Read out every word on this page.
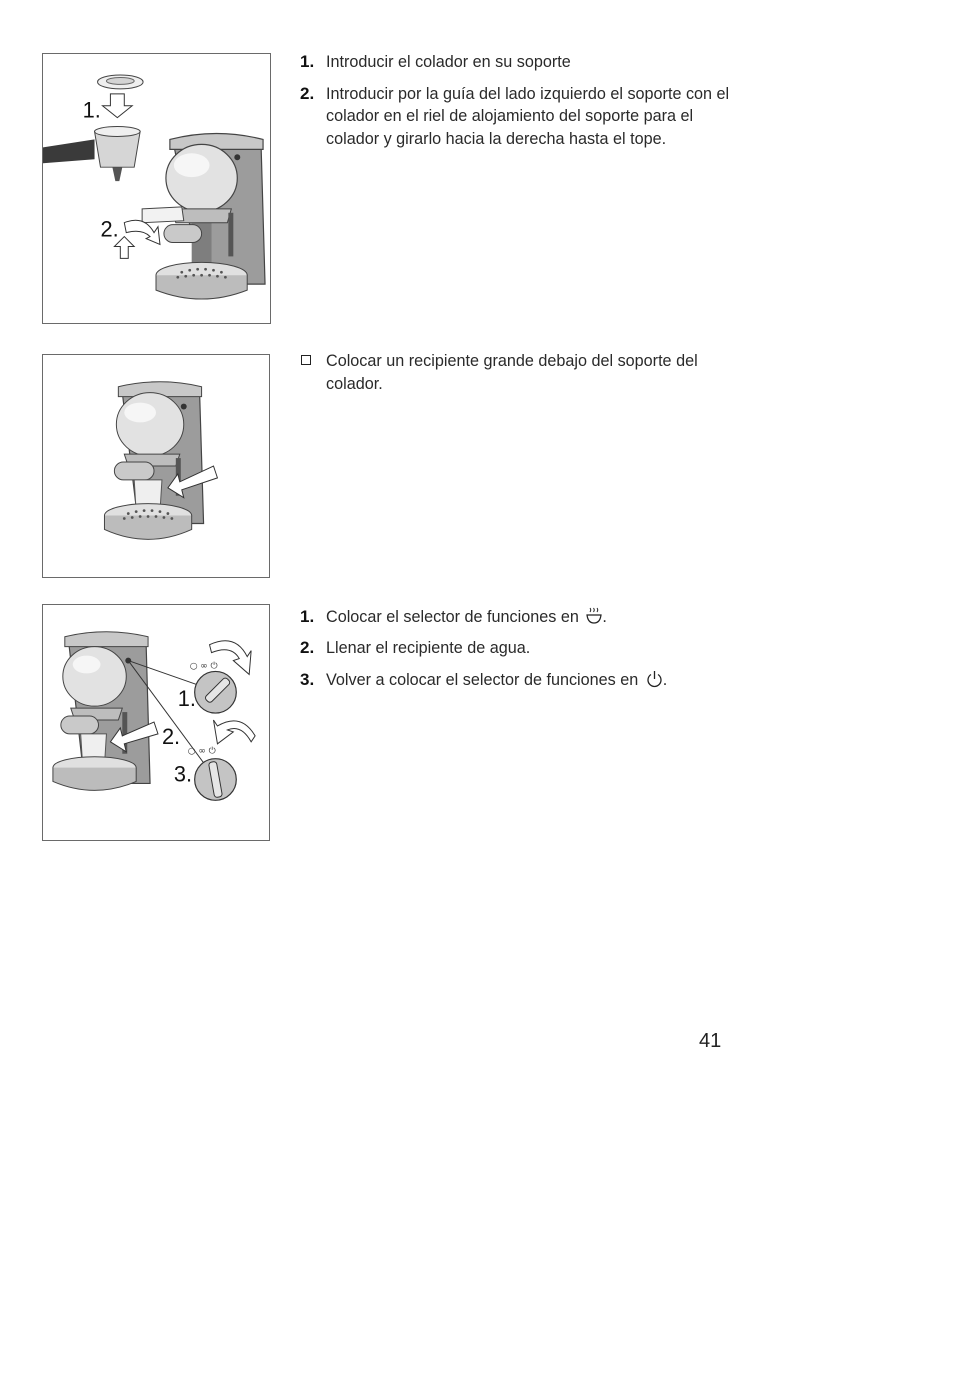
1.
2.
1. Introducir el colador en su soporte
2. Introducir por la guía del lado izquierdo el soporte con el colador en el riel de alojamiento del soporte para el colador y girarlo hacia la derecha hasta el tope.
Colocar un recipiente grande debajo del soporte del colador.
○ ∞ ⏻
○ ∞ ⏻
1.
2.
3.
1. Colocar el selector de funciones en .
2. Llenar el recipiente de agua.
3. Volver a colocar el selector de funciones en .
41
